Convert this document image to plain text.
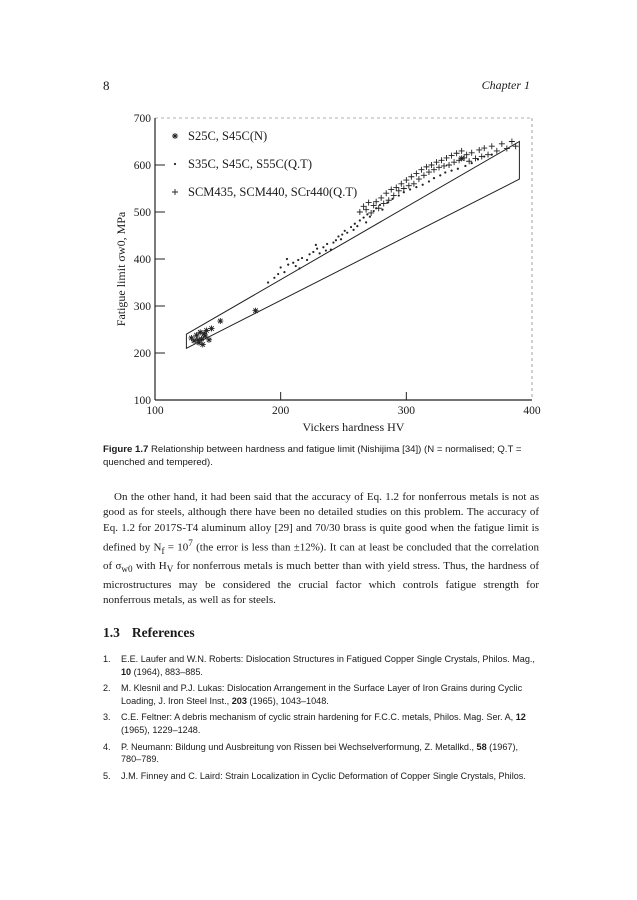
8	Chapter 1
100
200
300
400
500
600
700
100	200	300	400
Vickers hardness HV
Fatigue limit σw0, MPa
S25C, S45C(N)
S35C, S45C, S55C(Q.T)
SCM435, SCM440, SCr440(Q.T)
Figure 1.7 Relationship between hardness and fatigue limit (Nishijima [34]) (N = normalised; Q.T = quenched and tempered).
 On the other hand, it had been said that the accuracy of Eq. 1.2 for nonferrous metals is not as good as for steels, although there have been no detailed studies on this problem. The accuracy of Eq. 1.2 for 2017S-T4 aluminum alloy [29] and 70/30 brass is quite good when the fatigue limit is defined by $N_f = 10^7$ (the error is less than ±12%). It can at least be concluded that the correlation of $\sigma_{w0}$ with $H_V$ for nonferrous metals is much better than with yield stress. Thus, the hardness of microstructures may be considered the crucial factor which controls fatigue strength for nonferrous metals, as well as for steels.
1.3 References
1. E.E. Laufer and W.N. Roberts: Dislocation Structures in Fatigued Copper Single Crystals, Philos. Mag., 10 (1964), 883–885.
2. M. Klesnil and P.J. Lukas: Dislocation Arrangement in the Surface Layer of Iron Grains during Cyclic Loading, J. Iron Steel Inst., 203 (1965), 1043–1048.
3. C.E. Feltner: A debris mechanism of cyclic strain hardening for F.C.C. metals, Philos. Mag. Ser. A, 12 (1965), 1229–1248.
4. P. Neumann: Bildung und Ausbreitung von Rissen bei Wechselverformung, Z. Metallkd., 58 (1967), 780–789.
5. J.M. Finney and C. Laird: Strain Localization in Cyclic Deformation of Copper Single Crystals, Philos.
